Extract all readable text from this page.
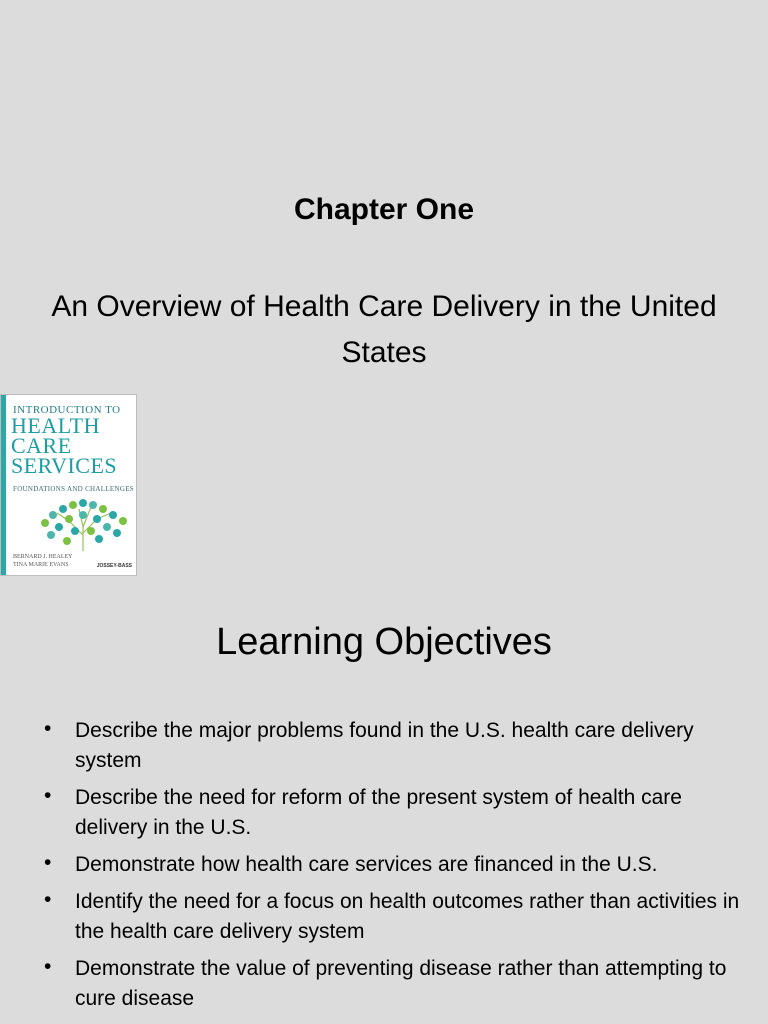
Chapter One
An Overview of Health Care Delivery in the United States
INTRODUCTION TO
HEALTH
CARE
SERVICES
FOUNDATIONS AND CHALLENGES
BERNARD J. HEALEY
TINA MARIE EVANS	JOSSEY-BASS
Learning Objectives
• Describe the major problems found in the U.S. health care delivery system
• Describe the need for reform of the present system of health care delivery in the U.S.
• Demonstrate how health care services are financed in the U.S.
• Identify the need for a focus on health outcomes rather than activities in the health care delivery system
• Demonstrate the value of preventing disease rather than attempting to cure disease
